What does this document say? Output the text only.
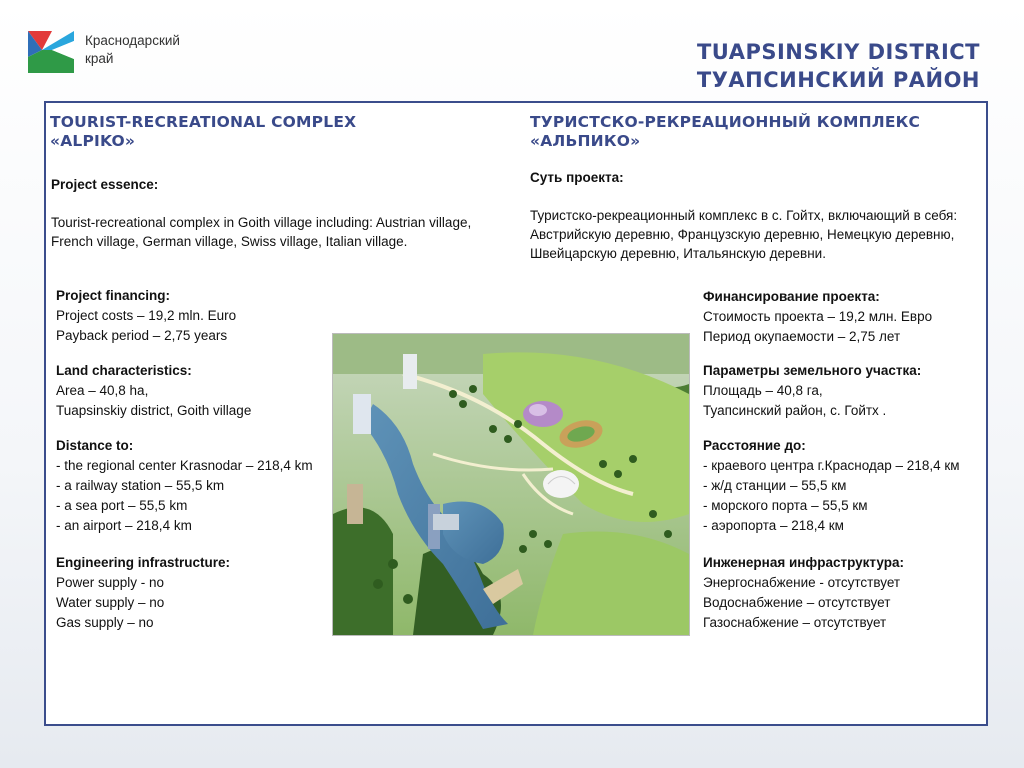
Краснодарский
край	TUAPSINSKIY DISTRICT
ТУАПСИНСКИЙ РАЙОН
TOURIST-RECREATIONAL COMPLEX
«ALPIKO»
ТУРИСТСКО-РЕКРЕАЦИОННЫЙ КОМПЛЕКС
«АЛЬПИКО»
Project essence:
Tourist-recreational complex in Goith village including: Austrian village, French village, German village, Swiss village, Italian village.
Суть проекта:
Туристско-рекреационный комплекс в с. Гойтх, включающий в себя: Австрийскую деревню, Французскую деревню, Немецкую деревню, Швейцарскую деревню, Итальянскую деревни.
Project financing:
Project costs – 19,2 mln. Euro
Payback period – 2,75 years
Land characteristics:
Area – 40,8 ha,
Tuapsinskiy district, Goith village
Distance to:
- the regional center Krasnodar – 218,4 km
- a railway station – 55,5 km
- a sea port – 55,5 km
- an airport – 218,4 km
Engineering infrastructure:
Power supply - no
Water supply – no
Gas supply – no
Финансирование проекта:
Стоимость проекта – 19,2 млн. Евро
Период окупаемости – 2,75 лет
Параметры земельного участка:
Площадь – 40,8 га,
Туапсинский район, с. Гойтх .
Расстояние до:
- краевого центра г.Краснодар – 218,4 км
- ж/д станции – 55,5 км
- морского порта – 55,5 км
- аэропорта – 218,4 км
Инженерная инфраструктура:
Энергоснабжение - отсутствует
Водоснабжение – отсутствует
Газоснабжение – отсутствует
